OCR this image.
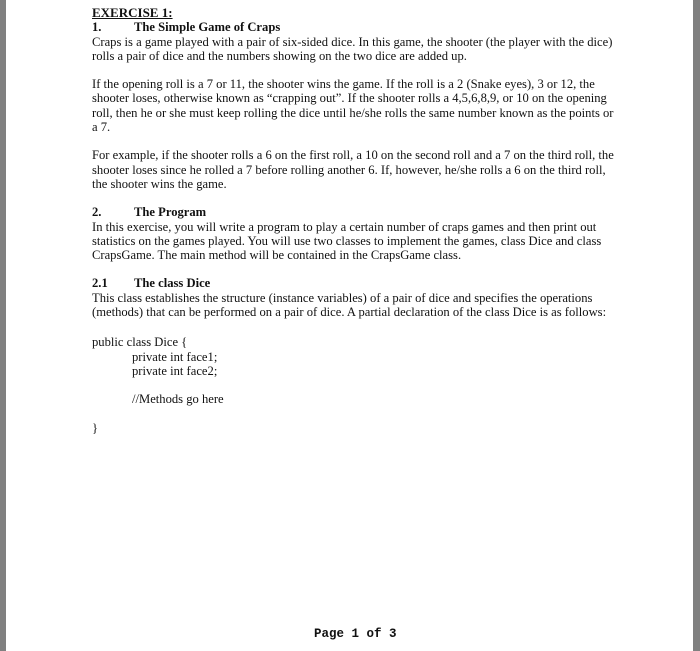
EXERCISE 1:
1.	The Simple Game of Craps

Craps is a game played with a pair of six-sided dice. In this game, the shooter (the player with the dice) rolls a pair of dice and the numbers showing on the two dice are added up.

If the opening roll is a 7 or 11, the shooter wins the game. If the roll is a 2 (Snake eyes), 3 or 12, the shooter loses, otherwise known as “crapping out”. If the shooter rolls a 4,5,6,8,9, or 10 on the opening roll, then he or she must keep rolling the dice until he/she rolls the same number known as the points or a 7.

For example, if the shooter rolls a 6 on the first roll, a 10 on the second roll and a 7 on the third roll, the shooter loses since he rolled a 7 before rolling another 6. If, however, he/she rolls a 6 on the third roll, the shooter wins the game.

2.	The Program

In this exercise, you will write a program to play a certain number of craps games and then print out statistics on the games played. You will use two classes to implement the games, class Dice and class CrapsGame. The main method will be contained in the CrapsGame class.

2.1	The class Dice

This class establishes the structure (instance variables) of a pair of dice and specifies the operations (methods) that can be performed on a pair of dice. A partial declaration of the class Dice is as follows:

public class Dice {
private int face1;
private int face2;
//Methods go here
}
Page 1 of 3
